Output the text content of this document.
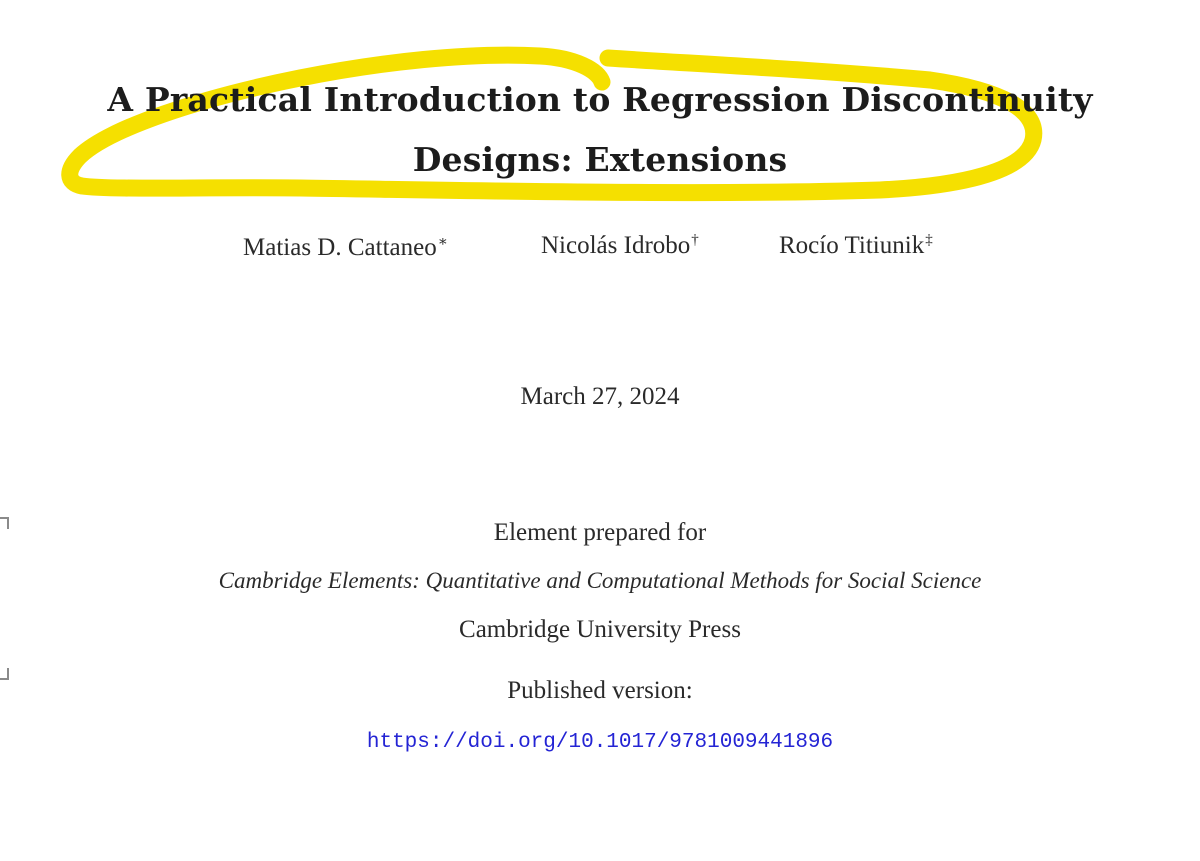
A Practical Introduction to Regression Discontinuity
Designs: Extensions
Matias D. Cattaneo∗	Nicolás Idrobo†	Rocío Titiunik‡
March 27, 2024
Element prepared for
Cambridge Elements: Quantitative and Computational Methods for Social Science
Cambridge University Press
Published version:
https://doi.org/10.1017/9781009441896
